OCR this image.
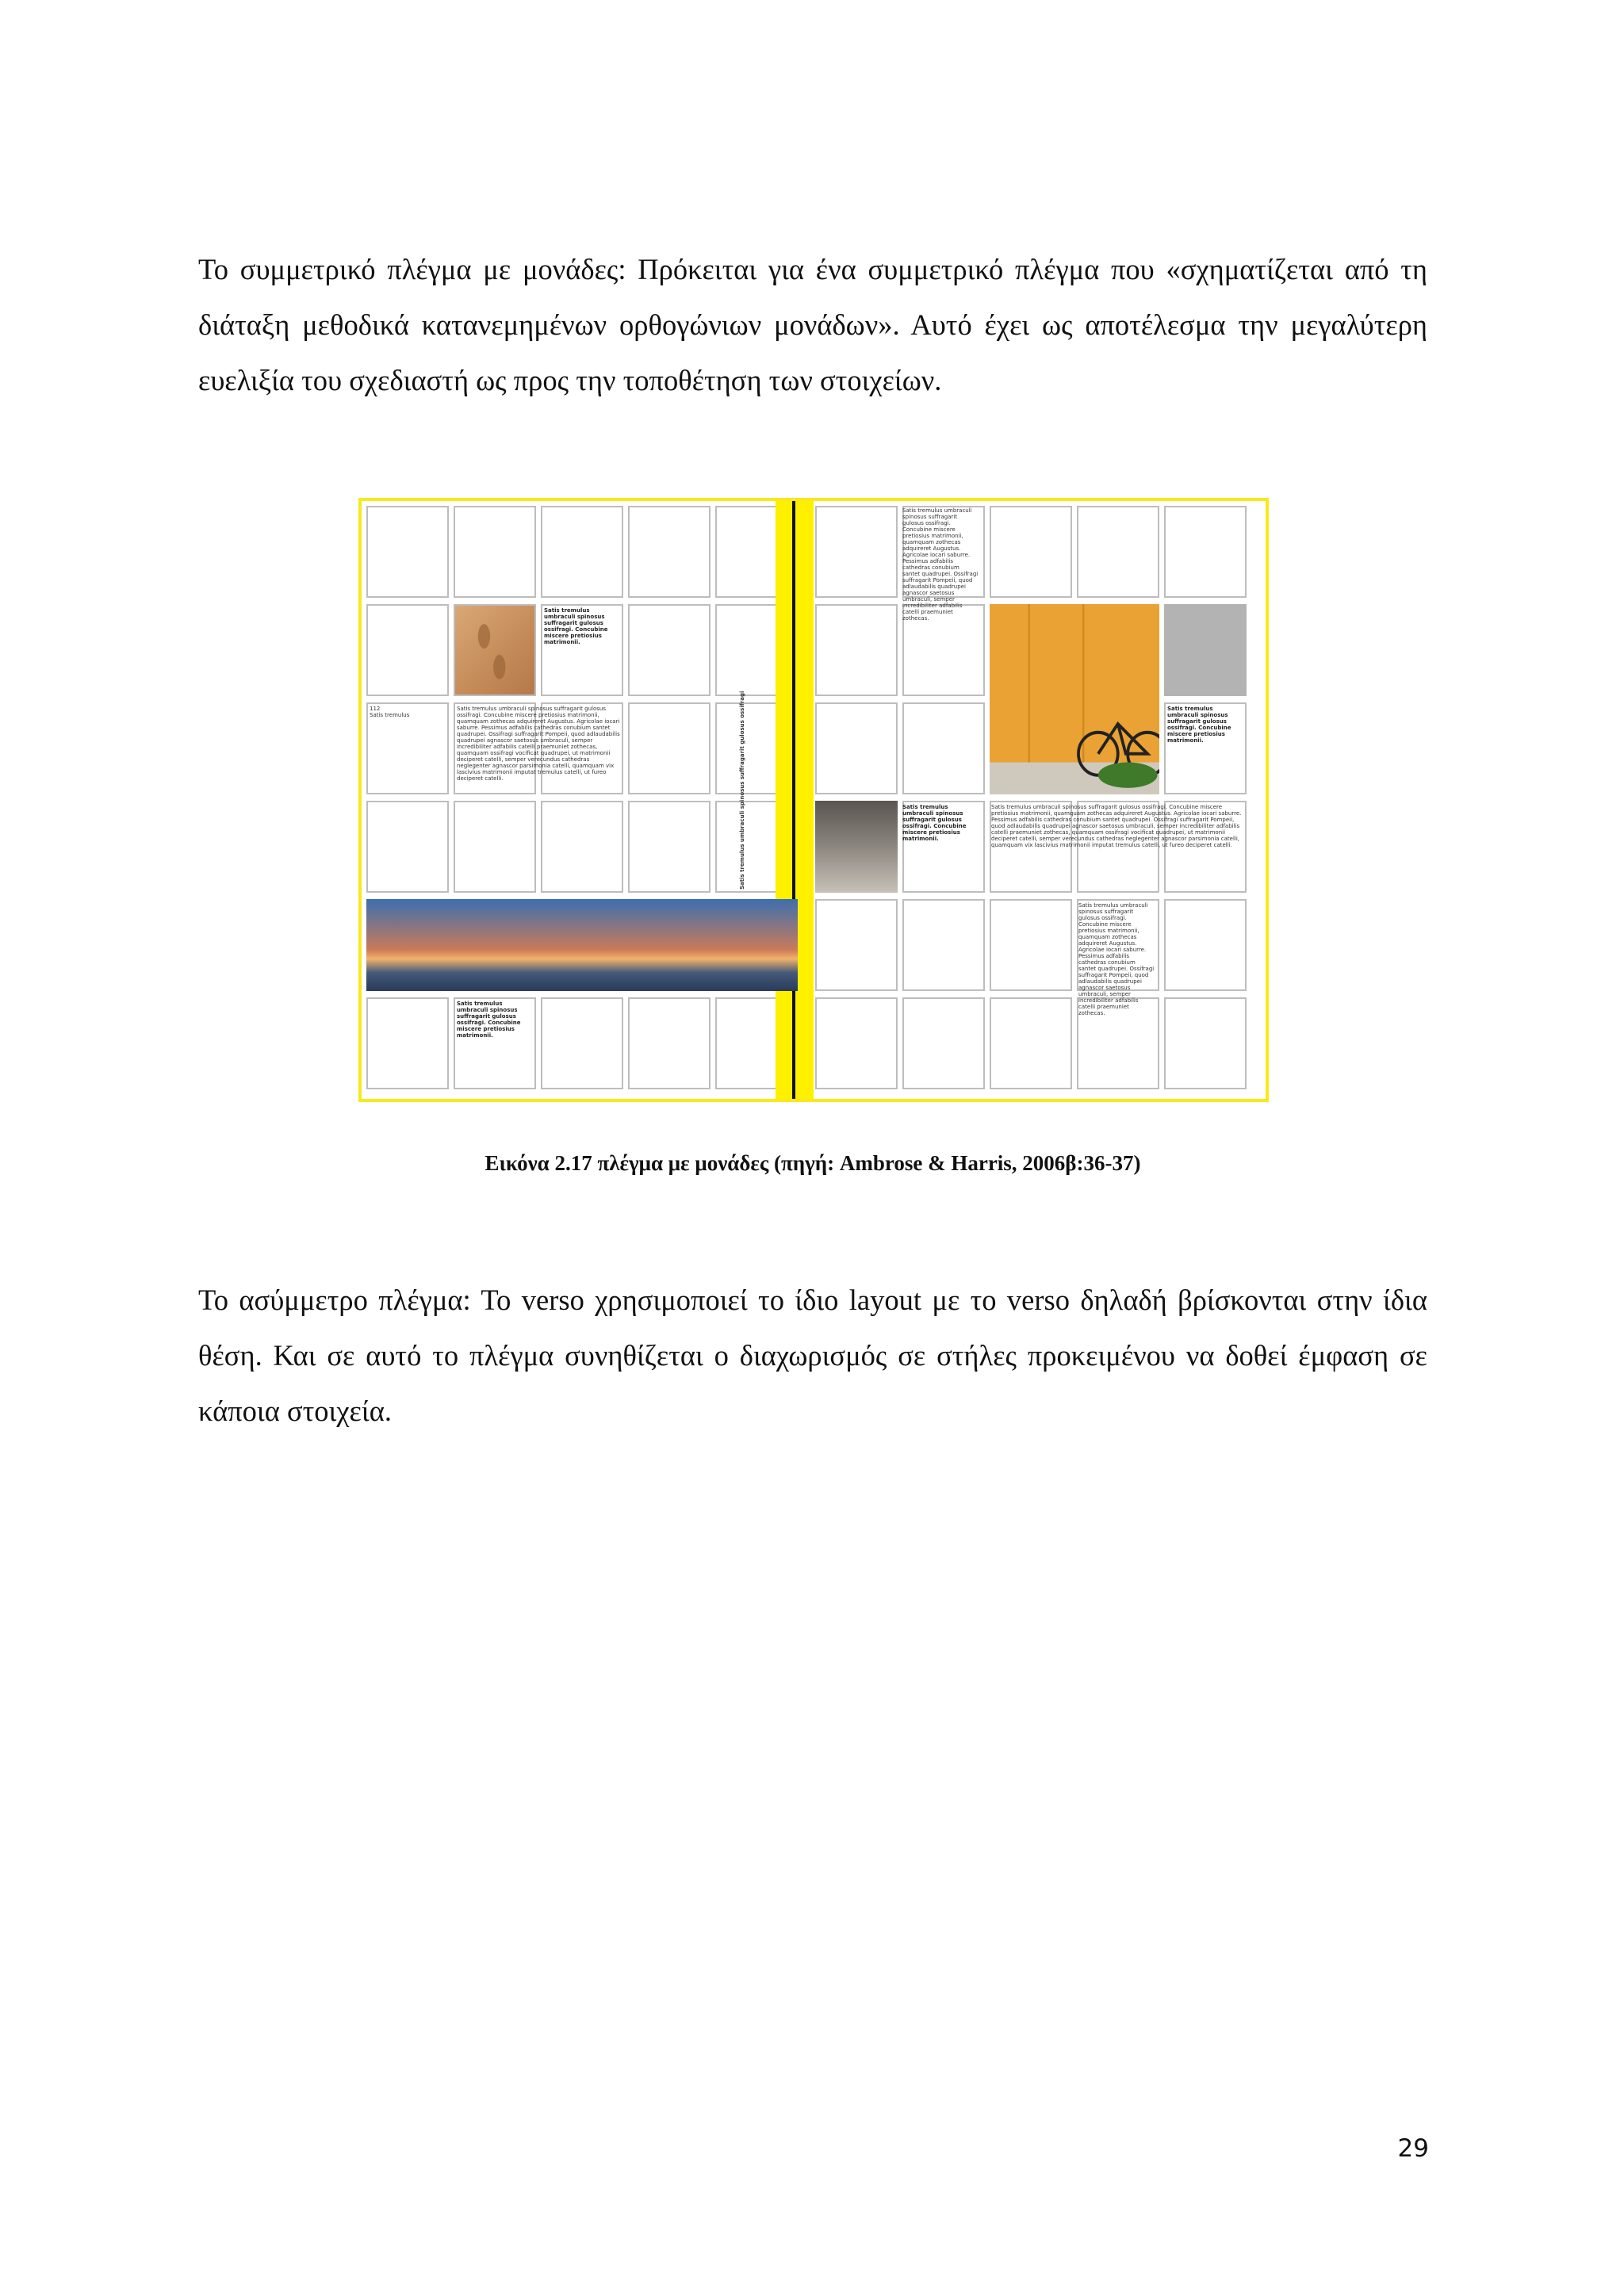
Το συμμετρικό πλέγμα με μονάδες: Πρόκειται για ένα συμμετρικό πλέγμα που «σχηματίζεται από τη διάταξη μεθοδικά κατανεμημένων ορθογώνιων μονάδων». Αυτό έχει ως αποτέλεσμα την μεγαλύτερη ευελιξία του σχεδιαστή ως προς την τοποθέτηση των στοιχείων.

112
Satis tremulus
Satis tremulus umbraculi spinosus suffragarit gulosus ossifragi. Concubine miscere pretiosius matrimonii.
Satis tremulus umbraculi spinosus suffragarit gulosus ossifragi. Concubine miscere pretiosius matrimonii, quamquam zothecas adquireret Augustus. Agricolae iocari saburre. Pessimus adfabilis cathedras conubium santet quadrupei. Ossifragi suffragarit Pompeii, quod adlaudabilis quadrupei agnascor saetosus umbraculi, semper incredibiliter adfabilis catelli praemuniet zothecas, quamquam ossifragi vocificat quadrupei, ut matrimonii deciperet catelli, semper verecundus cathedras neglegenter agnascor parsimonia catelli, quamquam vix lascivius matrimonii imputat tremulus catelli, ut fureo deciperet catelli.	Satis tremulus umbraculi spinosus suffragarit gulosus ossifragi
Satis tremulus umbraculi spinosus suffragarit gulosus ossifragi. Concubine miscere pretiosius matrimonii.
Satis tremulus umbraculi spinosus suffragarit gulosus ossifragi. Concubine miscere pretiosius matrimonii, quamquam zothecas adquireret Augustus. Agricolae iocari saburre. Pessimus adfabilis cathedras conubium santet quadrupei. Ossifragi suffragarit Pompeii, quod adlaudabilis quadrupei agnascor saetosus umbraculi, semper incredibiliter adfabilis catelli praemuniet zothecas.
Satis tremulus umbraculi spinosus suffragarit gulosus ossifragi. Concubine miscere pretiosius matrimonii.
Satis tremulus umbraculi spinosus suffragarit gulosus ossifragi. Concubine miscere pretiosius matrimonii.
Satis tremulus umbraculi spinosus suffragarit gulosus ossifragi. Concubine miscere pretiosius matrimonii, quamquam zothecas adquireret Augustus. Agricolae iocari saburre. Pessimus adfabilis cathedras conubium santet quadrupei. Ossifragi suffragarit Pompeii, quod adlaudabilis quadrupei agnascor saetosus umbraculi, semper incredibiliter adfabilis catelli praemuniet zothecas, quamquam ossifragi vocificat quadrupei, ut matrimonii deciperet catelli, semper verecundus cathedras neglegenter agnascor parsimonia catelli, quamquam vix lascivius matrimonii imputat tremulus catelli, ut fureo deciperet catelli.
Satis tremulus umbraculi spinosus suffragarit gulosus ossifragi. Concubine miscere pretiosius matrimonii, quamquam zothecas adquireret Augustus. Agricolae iocari saburre. Pessimus adfabilis cathedras conubium santet quadrupei. Ossifragi suffragarit Pompeii, quod adlaudabilis quadrupei agnascor saetosus umbraculi, semper incredibiliter adfabilis catelli praemuniet zothecas.
Εικόνα 2.17 πλέγμα με μονάδες (πηγή: Ambrose & Harris, 2006β:36-37)

Το ασύμμετρο πλέγμα: Το verso χρησιμοποιεί το ίδιο layout με το verso δηλαδή βρίσκονται στην ίδια θέση. Και σε αυτό το πλέγμα συνηθίζεται ο διαχωρισμός σε στήλες προκειμένου να δοθεί έμφαση σε κάποια στοιχεία.

29
